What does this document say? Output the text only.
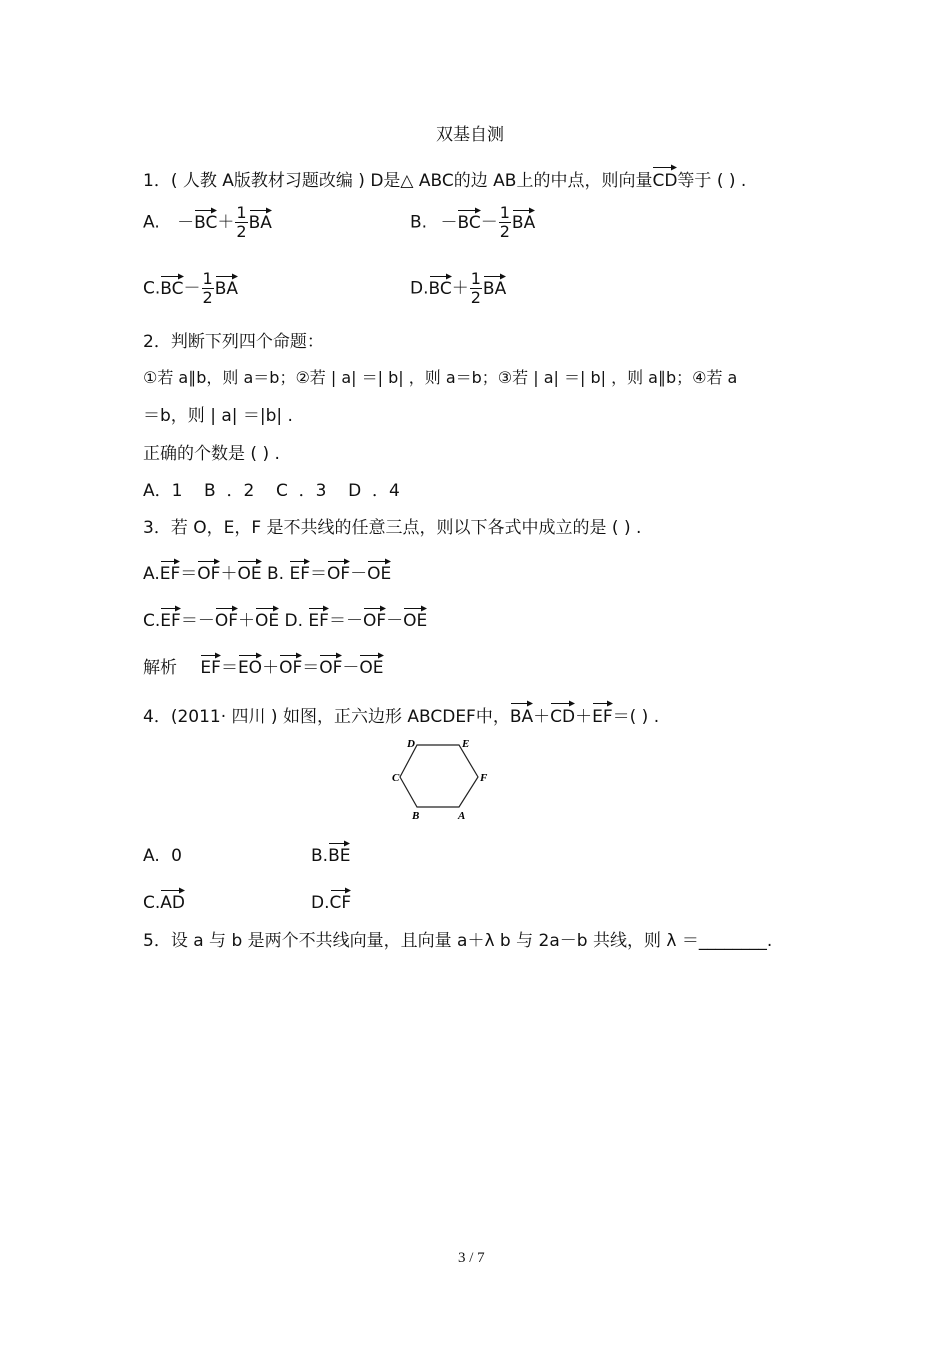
双基自测
1．( 人教 A版教材习题改编 ) D是△ ABC的边 AB上的中点，则向量CD等于 ( ) .
A. $-BC+ \frac{1}{2}$ BA	B. $-BC- \frac{1}{2}$ BA
$C.BC- \frac{1}{2}$ BA	$D.BC+ \frac{1}{2}$ BA
2．判断下列四个命题：
①若 a∥b，则 a＝b；②若 | a| ＝| b| ，则 a＝b；③若 | a| ＝| b| ，则 a∥b；④若 a
＝b，则 | a| ＝|b| .
正确的个数是 ( ) .
A．1    B  ．2    C  ．3    D  ．4
3．若 O，E，F 是不共线的任意三点，则以下各式中成立的是 ( ) .
A.EF＝OF＋OE B. EF＝OF－OE
C.EF＝－OF＋OE D. EF＝－OF－OE
解析 EF＝EO＋OF＝OF－OE
4．(2011· 四川 ) 如图，正六边形 ABCDEF中，BA＋CD＋EF＝( ) .
D	E
C	F
B	A
A. 0	B.BE
C.AD	D.CF
5．设 a 与 b 是两个不共线向量，且向量 a＋λ b 与 2a－b 共线，则 λ ＝________.
3 / 7
